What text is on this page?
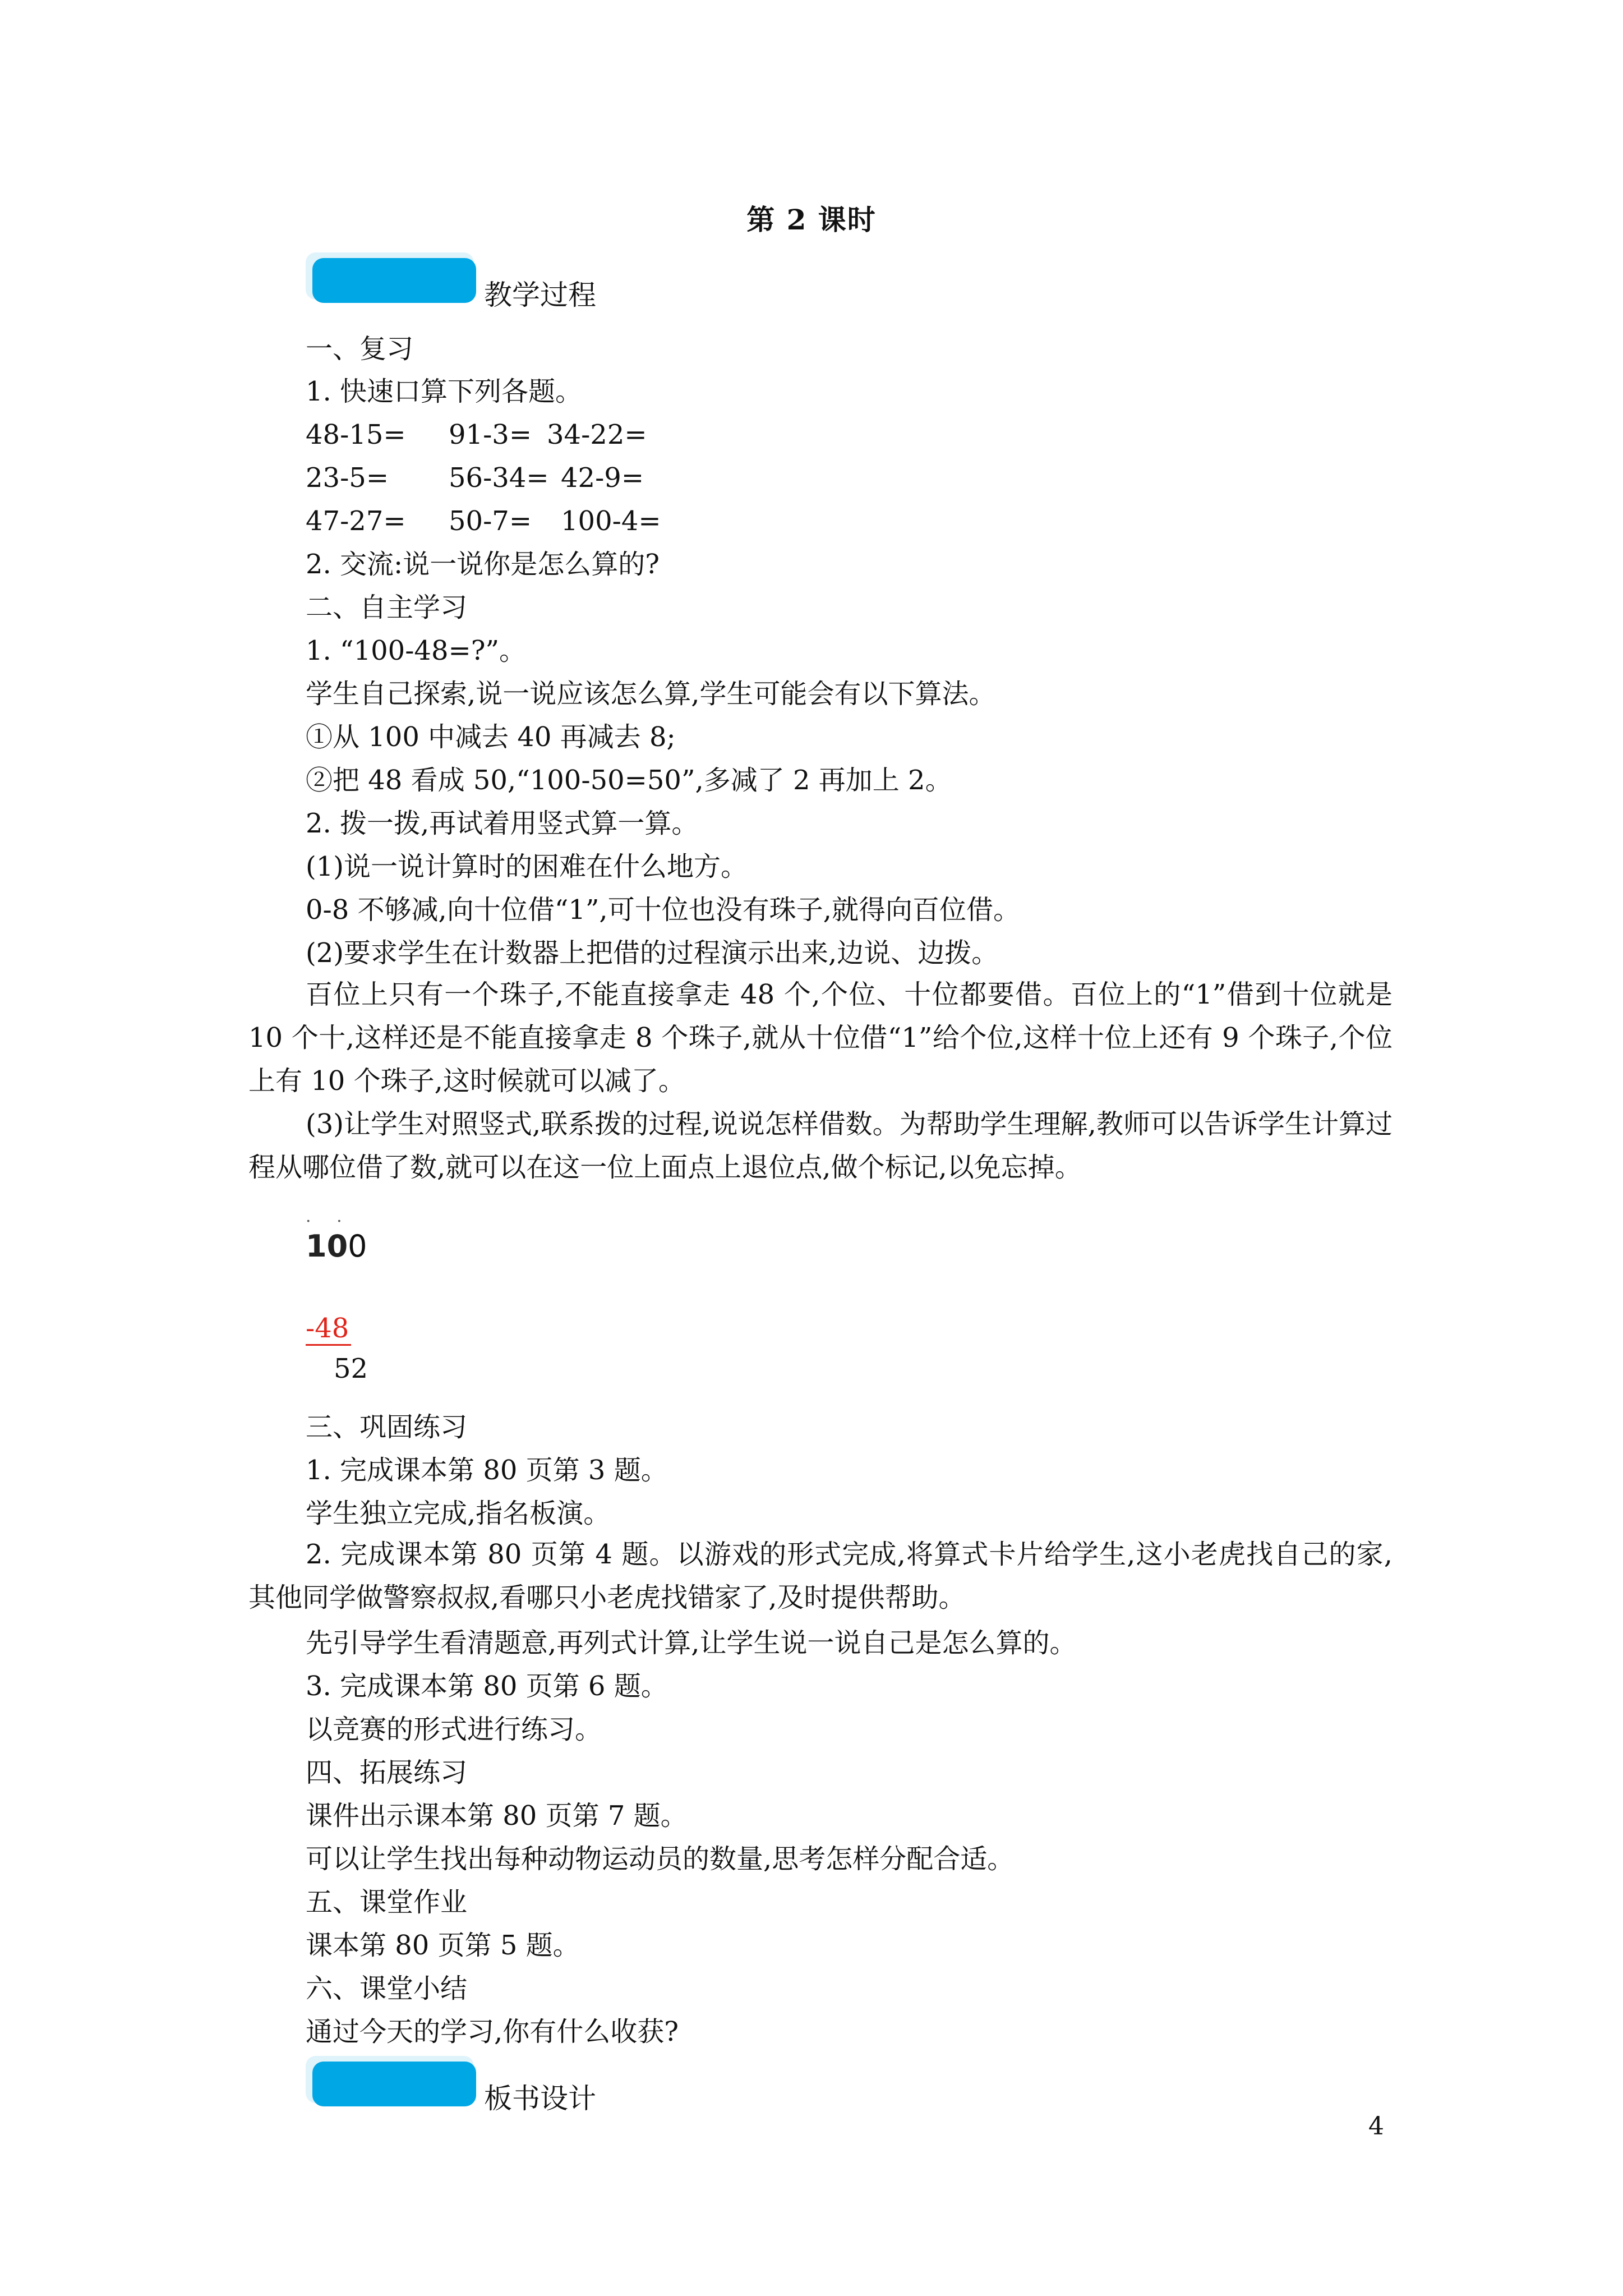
第 2 课时
教学过程
一、复习
1. 快速口算下列各题。
48-15= 91-3= 34-22=
23-5= 56-34= 42-9=
47-27= 50-7= 100-4=
2. 交流:说一说你是怎么算的?
二、自主学习
1. “100-48=?”。
学生自己探索,说一说应该怎么算,学生可能会有以下算法。
①从 100 中减去 40 再减去 8;
②把 48 看成 50,“100-50=50”,多减了 2 再加上 2。
2. 拨一拨,再试着用竖式算一算。
(1)说一说计算时的困难在什么地方。
0-8 不够减,向十位借“1”,可十位也没有珠子,就得向百位借。
(2)要求学生在计数器上把借的过程演示出来,边说、边拨。
百位上只有一个珠子,不能直接拿走 48 个,个位、十位都要借。百位上的“1”借到十位就是 10 个十,这样还是不能直接拿走 8 个珠子,就从十位借“1”给个位,这样十位上还有 9 个珠子,个位上有 10 个珠子,这时候就可以减了。
(3)让学生对照竖式,联系拨的过程,说说怎样借数。为帮助学生理解,教师可以告诉学生计算过程从哪位借了数,就可以在这一位上面点上退位点,做个标记,以免忘掉。
· ·
100
-48
52
三、巩固练习
1. 完成课本第 80 页第 3 题。
学生独立完成,指名板演。
2. 完成课本第 80 页第 4 题。以游戏的形式完成,将算式卡片给学生,这小老虎找自己的家,其他同学做警察叔叔,看哪只小老虎找错家了,及时提供帮助。
先引导学生看清题意,再列式计算,让学生说一说自己是怎么算的。
3. 完成课本第 80 页第 6 题。
以竞赛的形式进行练习。
四、拓展练习
课件出示课本第 80 页第 7 题。
可以让学生找出每种动物运动员的数量,思考怎样分配合适。
五、课堂作业
课本第 80 页第 5 题。
六、课堂小结
通过今天的学习,你有什么收获?
板书设计
4
